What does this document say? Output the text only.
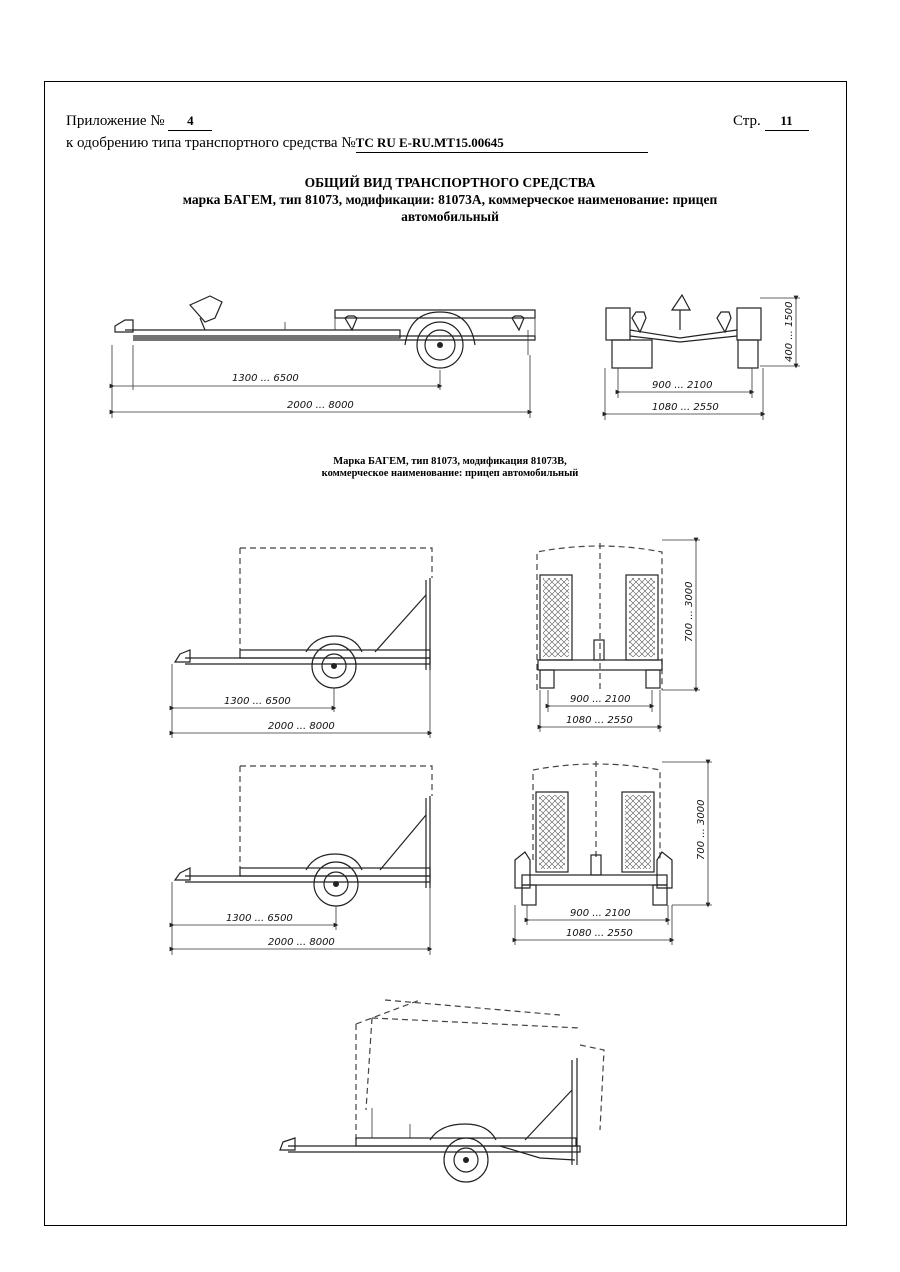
Приложение № 4	Стр. 11
к одобрению типа транспортного средства №TC RU E-RU.MT15.00645
ОБЩИЙ ВИД ТРАНСПОРТНОГО СРЕДСТВА
марка БАГЕМ, тип 81073, модификации: 81073А, коммерческое наименование: прицеп
автомобильный
Марка БАГЕМ, тип 81073, модификация 81073В,
коммерческое наименование: прицеп автомобильный
1300 ... 6500
2000 ... 8000
400 ... 1500
900 ... 2100
1080 ... 2550
1300 ... 6500
2000 ... 8000
700 ... 3000
900 ... 2100
1080 ... 2550
1300 ... 6500
2000 ... 8000
700 ... 3000
900 ... 2100
1080 ... 2550
